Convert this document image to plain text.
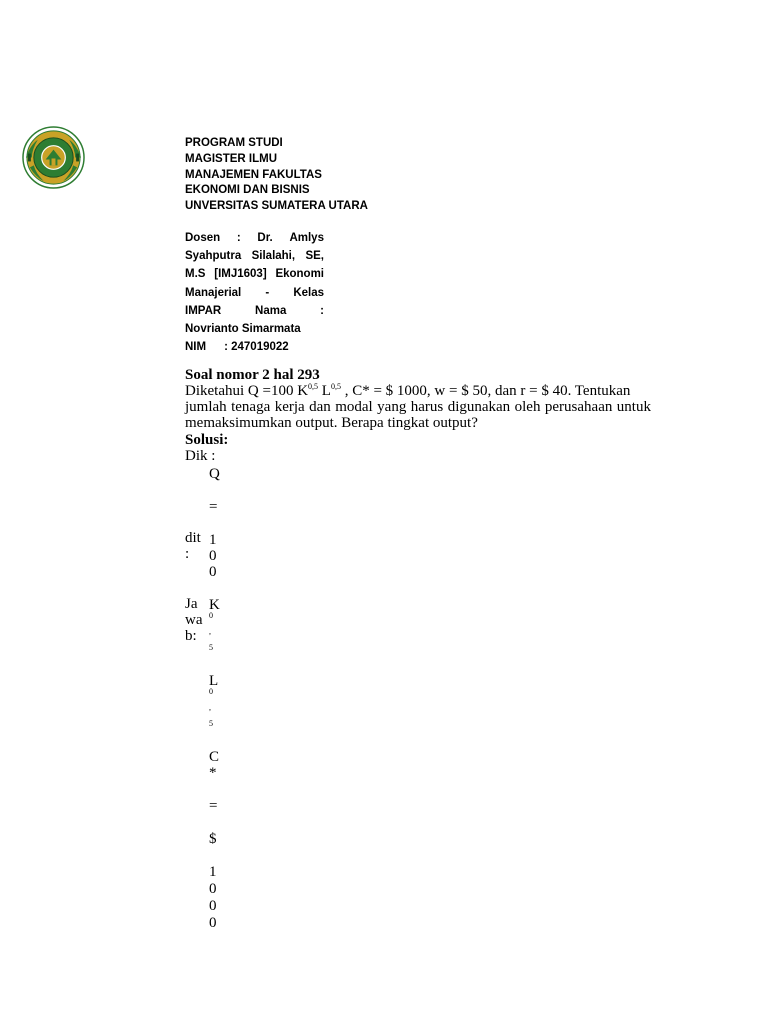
PROGRAM STUDI
MAGISTER ILMU
MANAJEMEN FAKULTAS
EKONOMI DAN BISNIS
UNVERSITAS SUMATERA UTARA
Dosen : Dr. Amlys
Syahputra Silalahi, SE,
M.S [IMJ1603] Ekonomi
Manajerial - Kelas
IMPAR	Nama	:
Novrianto Simarmata
NIM : 247019022
Soal nomor 2 hal 293
Diketahui Q =100 K$^{0,5}$ L$^{0,5}$ , C* = $ 1000, w = $ 50, dan r = $ 40. Tentukan
jumlah tenaga kerja dan modal yang harus digunakan oleh perusahaan untuk
memaksimumkan output. Berapa tingkat output?
Solusi:
Dik :
dit
:
Ja
wa
b:
Q
=
1
0
0
K
0
,
5
L
0
,
5
C
*
=
$
1
0
0
0
